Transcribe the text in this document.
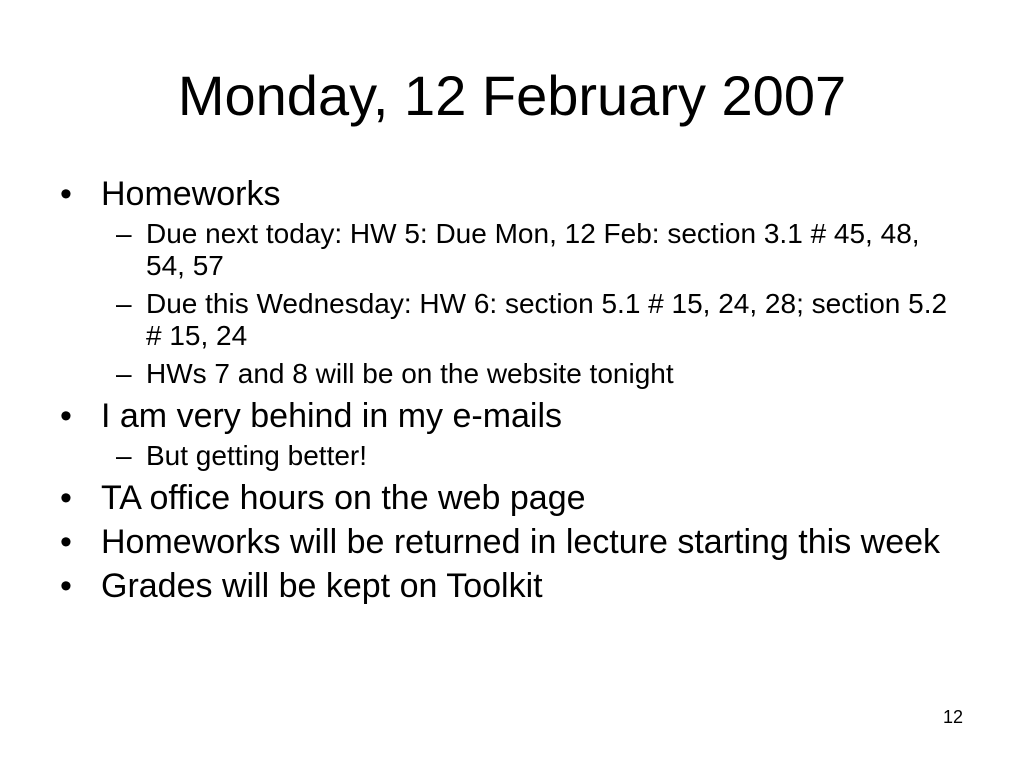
Monday, 12 February 2007
• Homeworks
– Due next today: HW 5: Due Mon, 12 Feb: section 3.1 # 45, 48, 54, 57
– Due this Wednesday: HW 6: section 5.1 # 15, 24, 28; section 5.2 # 15, 24
– HWs 7 and 8 will be on the website tonight
• I am very behind in my e-mails
– But getting better!
• TA office hours on the web page
• Homeworks will be returned in lecture starting this week
• Grades will be kept on Toolkit
12
